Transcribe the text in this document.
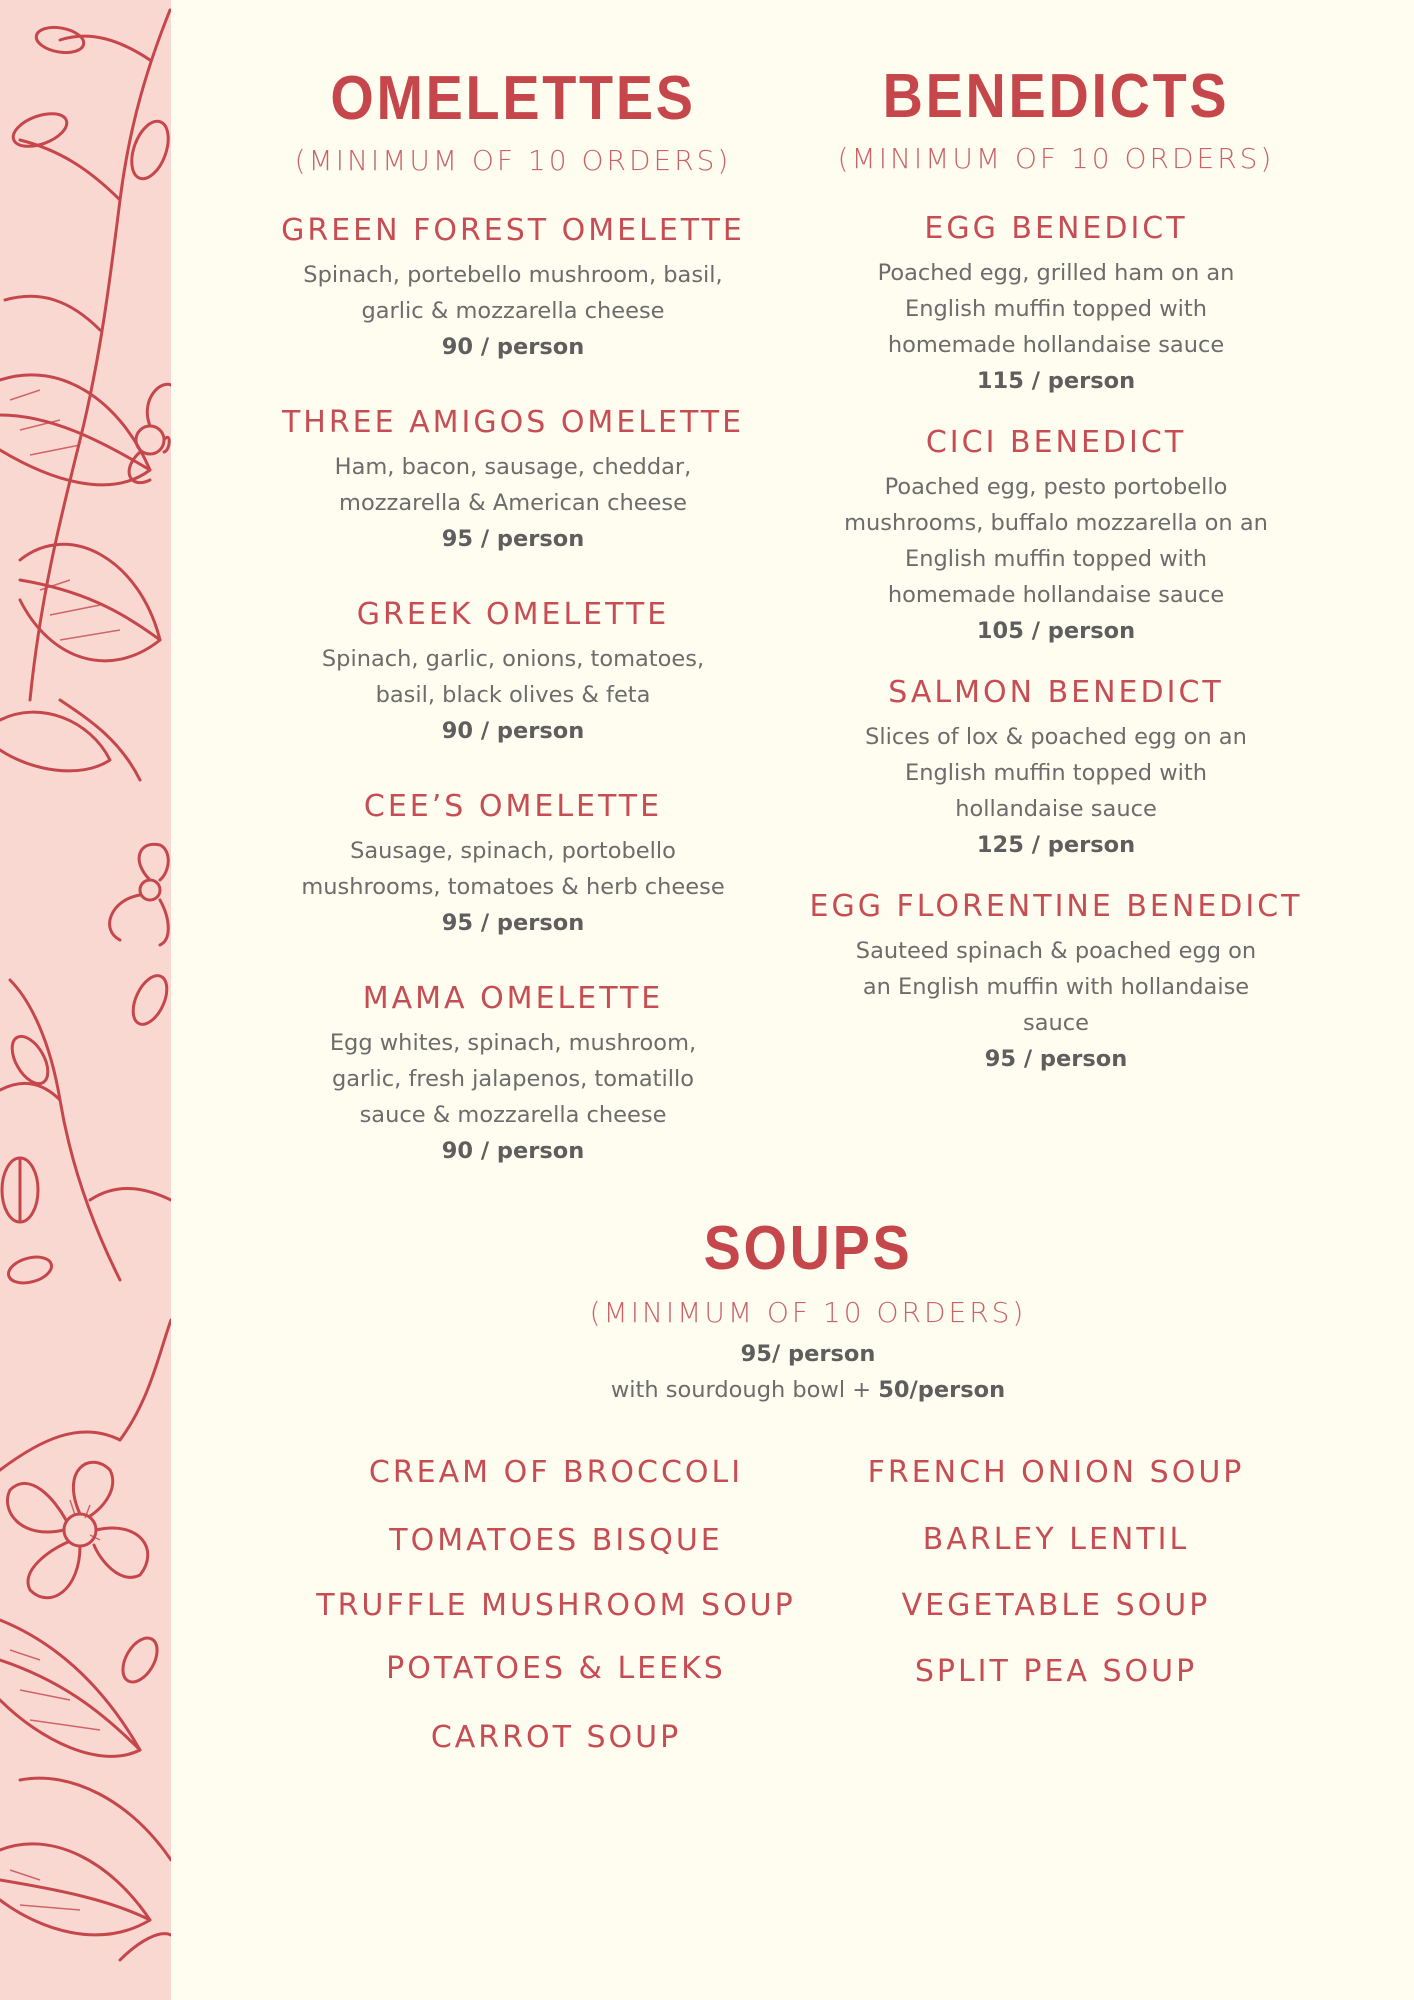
OMELETTES

(MINIMUM OF 10 ORDERS)

GREEN FOREST OMELETTE

Spinach, portebello mushroom, basil,
garlic & mozzarella cheese

90 / person

THREE AMIGOS OMELETTE

Ham, bacon, sausage, cheddar,
mozzarella & American cheese

95 / person

GREEK OMELETTE

Spinach, garlic, onions, tomatoes,
basil, black olives & feta

90 / person

CEE’S OMELETTE

Sausage, spinach, portobello
mushrooms, tomatoes & herb cheese

95 / person

MAMA OMELETTE

Egg whites, spinach, mushroom,
garlic, fresh jalapenos, tomatillo
sauce & mozzarella cheese

90 / person

BENEDICTS

(MINIMUM OF 10 ORDERS)

EGG BENEDICT

Poached egg, grilled ham on an
English muffin topped with
homemade hollandaise sauce

115 / person

CICI BENEDICT

Poached egg, pesto portobello
mushrooms, buffalo mozzarella on an
English muffin topped with
homemade hollandaise sauce

105 / person

SALMON BENEDICT

Slices of lox & poached egg on an
English muffin topped with
hollandaise sauce

125 / person

EGG FLORENTINE BENEDICT

Sauteed spinach & poached egg on
an English muffin with hollandaise
sauce

95 / person

SOUPS

(MINIMUM OF 10 ORDERS)

95/ person

with sourdough bowl + 50/person

CREAM OF BROCCOLI
TOMATOES BISQUE
TRUFFLE MUSHROOM SOUP
POTATOES & LEEKS
CARROT SOUP
FRENCH ONION SOUP
BARLEY LENTIL
VEGETABLE SOUP
SPLIT PEA SOUP
